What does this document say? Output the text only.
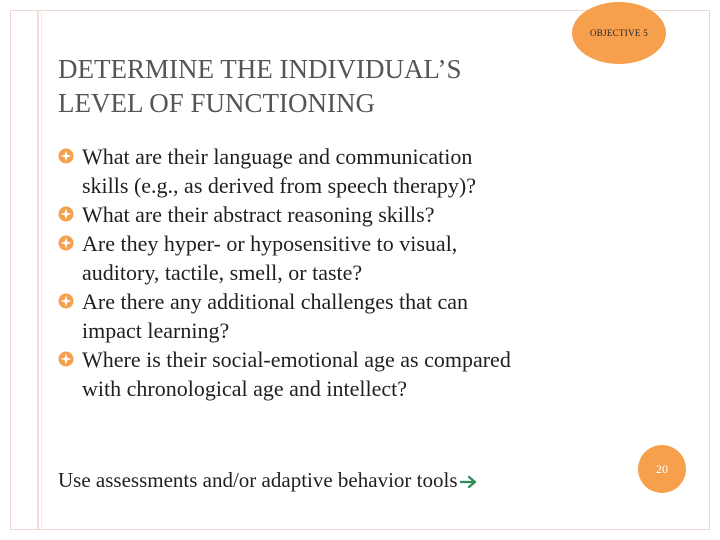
OBJECTIVE 5
DETERMINE THE INDIVIDUAL’S
LEVEL OF FUNCTIONING
What are their language and communication
skills (e.g., as derived from speech therapy)?
What are their abstract reasoning skills?
Are they hyper- or hyposensitive to visual,
auditory, tactile, smell, or taste?
Are there any additional challenges that can
impact learning?
Where is their social-emotional age as compared
with chronological age and intellect?
Use assessments and/or adaptive behavior tools	20
